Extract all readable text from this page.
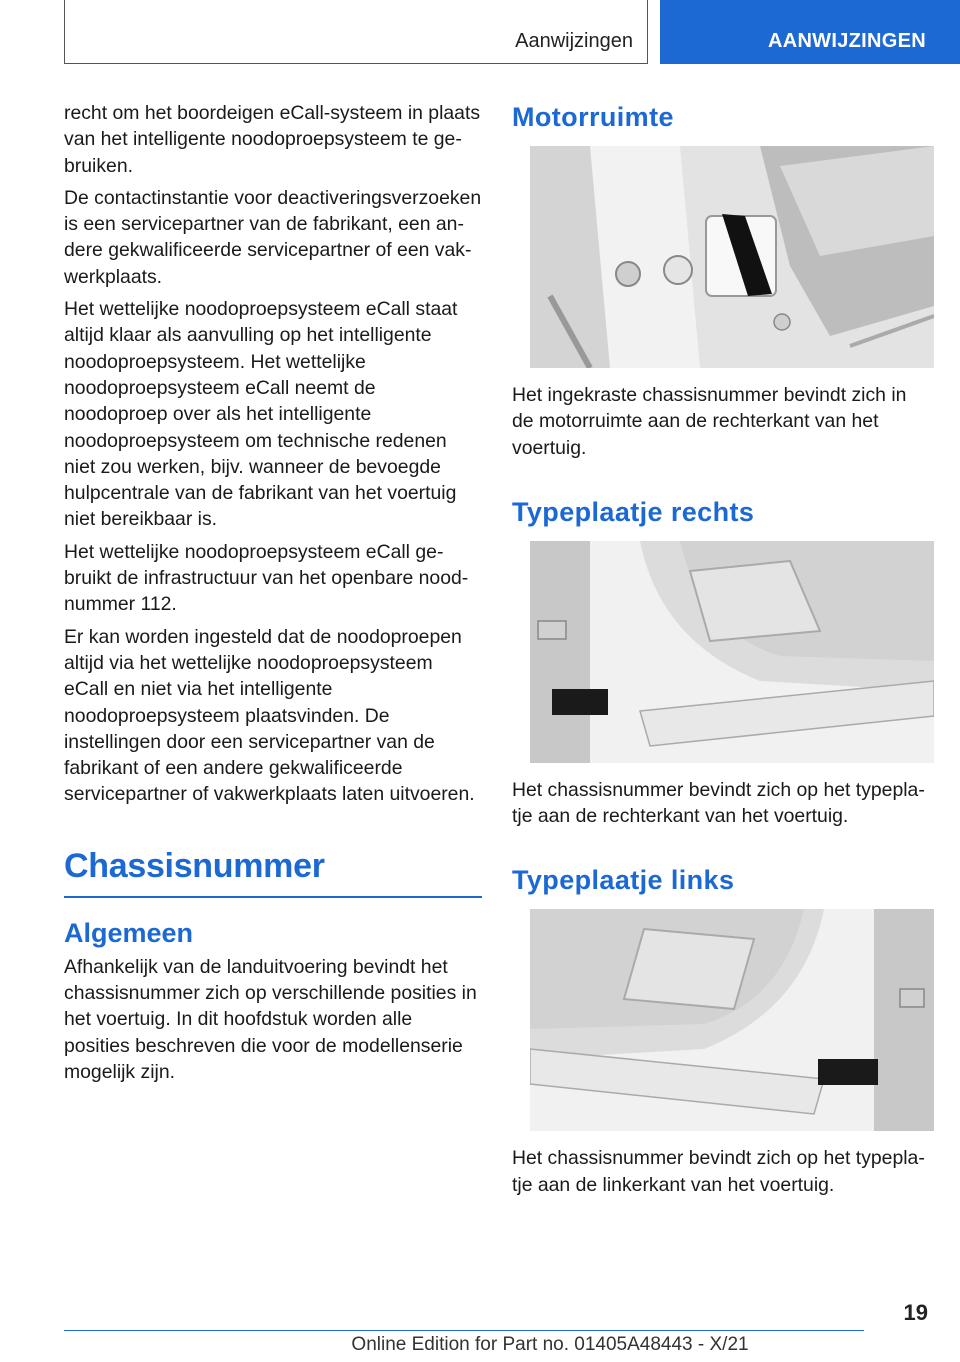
Aanwijzingen	AANWIJZINGEN

recht om het boordeigen eCall-systeem in plaats van het intelligente noodoproepsysteem te gebruiken.

De contactinstantie voor deactiveringsverzoeken is een servicepartner van de fabrikant, een andere gekwalificeerde servicepartner of een vakwerkplaats.

Het wettelijke noodoproepsysteem eCall staat altijd klaar als aanvulling op het intelligente noodoproepsysteem. Het wettelijke noodoproepsysteem eCall neemt de noodoproep over als het intelligente noodoproepsysteem om technische redenen niet zou werken, bijv. wanneer de bevoegde hulpcentrale van de fabrikant van het voertuig niet bereikbaar is.

Het wettelijke noodoproepsysteem eCall gebruikt de infrastructuur van het openbare noodnummer 112.

Er kan worden ingesteld dat de noodoproepen altijd via het wettelijke noodoproepsysteem eCall en niet via het intelligente noodoproepsysteem plaatsvinden. De instellingen door een servicepartner van de fabrikant of een andere gekwalificeerde servicepartner of vakwerkplaats laten uitvoeren.

Chassisnummer
Algemeen

Afhankelijk van de landuitvoering bevindt het chassisnummer zich op verschillende posities in het voertuig. In dit hoofdstuk worden alle posities beschreven die voor de modellenserie mogelijk zijn.

Motorruimte

Het ingekraste chassisnummer bevindt zich in de motorruimte aan de rechterkant van het voertuig.

Typeplaatje rechts

Het chassisnummer bevindt zich op het typeplatje aan de rechterkant van het voertuig.

Typeplaatje links

Het chassisnummer bevindt zich op het typeplatje aan de linkerkant van het voertuig.

19
Online Edition for Part no. 01405A48443 - X/21
